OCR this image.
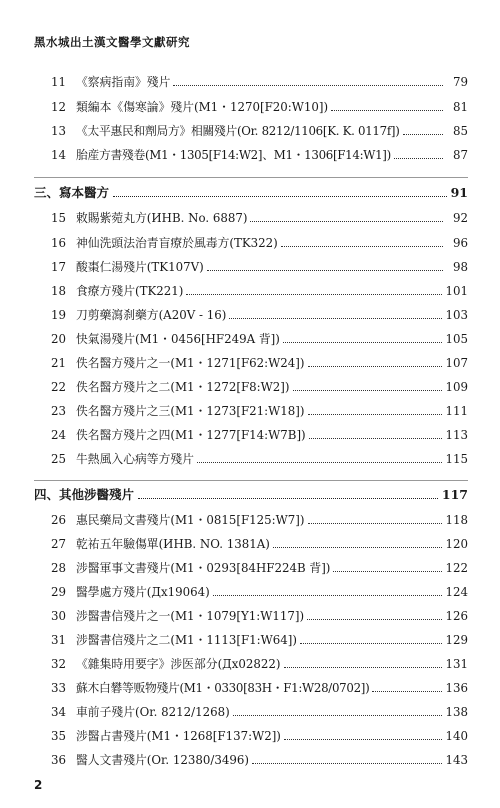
黑水城出土漢文醫學文獻研究
11 《察病指南》殘片	79
12 類編本《傷寒論》殘片(M1・1270[F20:W10])	81
13 《太平惠民和劑局方》相關殘片(Or. 8212/1106[K. K. 0117f])	85
14 胎産方書殘卷(M1・1305[F14:W2]、M1・1306[F14:W1])	87
三、寫本醫方	91
15 敕賜紫菀丸方(ИHB. No. 6887)	92
16 神仙洗頭法治青盲療於風毒方(TK322)	96
17 酸棗仁湯殘片(TK107V)	98
18 食療方殘片(TK221)	101
19 刀剪藥瀉刹藥方(A20V - 16)	103
20 快氣湯殘片(M1・0456[HF249A 背])	105
21 佚名醫方殘片之一(M1・1271[F62:W24])	107
22 佚名醫方殘片之二(M1・1272[F8:W2])	109
23 佚名醫方殘片之三(M1・1273[F21:W18])	111
24 佚名醫方殘片之四(M1・1277[F14:W7B])	113
25 牛熱風入心病等方殘片	115
四、其他涉醫殘片	117
26 惠民藥局文書殘片(M1・0815[F125:W7])	118
27 乾祐五年驗傷單(ИHB. NO. 1381A)	120
28 涉醫軍事文書殘片(M1・0293[84HF224B 背])	122
29 醫學處方殘片(Дx19064)	124
30 涉醫書信殘片之一(M1・1079[Y1:W117])	126
31 涉醫書信殘片之二(M1・1113[F1:W64])	129
32 《雜集時用要字》涉医部分(Дx02822)	131
33 蘇木白礬等贩物殘片(M1・0330[83H・F1:W28/0702])	136
34 車前子殘片(Or. 8212/1268)	138
35 涉醫占書殘片(M1・1268[F137:W2])	140
36 醫人文書殘片(Or. 12380/3496)	143
2
